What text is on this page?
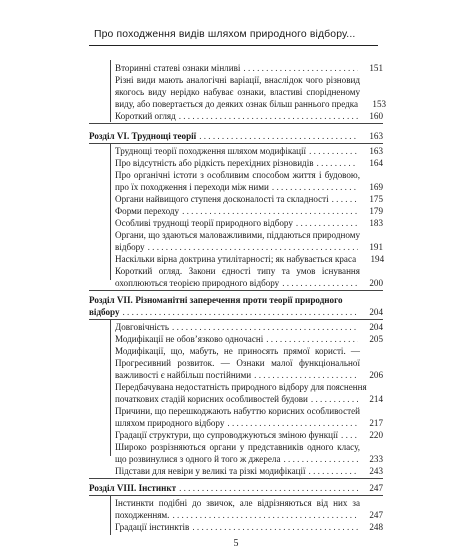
Про походження видів шляхом природного відбору...
Вторинні статеві ознаки мінливі . . .	151
Різні види мають аналогічні варіації, внаслідок чого різновид
якогось виду нерідко набуває ознаки, властиві спорідненому
виду, або повертається до деяких ознак більш раннього предка . . .	153
Короткий огляд . . .	160
Розділ VI. Труднощі теорії . . .	163
Труднощі теорії походження шляхом модифікації . . .	163
Про відсутність або рідкість перехідних різновидів . . .	164
Про органічні істоти з особливим способом життя і будовою,
про їх походження і переходи між ними . . .	169
Органи найвищого ступеня досконалості та складності . . .	175
Форми переходу . . .	179
Особливі труднощі теорії природного відбору . . .	183
Органи, що здаються маловажливими, піддаються природному
відбору . . .	191
Наскільки вірна доктрина утилітарності; як набувається краса . . .	194
Короткий огляд. Закони єдності типу та умов існування
охоплюються теорією природного відбору . . .	200
Розділ VII. Різноманітні заперечення проти теорії природного
відбору . . .	204
Довговічність . . .	204
Модифікації не обов’язково одночасні . . .	205
Модифікації, що, мабуть, не приносять прямої користі. —
Прогресивний розвиток. — Ознаки малої функціональної
важливості є найбільш постійними . . .	206
Передбачувана недостатність природного відбору для пояснення
початкових стадій корисних особливостей будови . . .	214
Причини, що перешкоджають набуттю корисних особливостей
шляхом природного відбору . . .	217
Градації структури, що супроводжуються зміною функції . . .	220
Широко розрізняються органи у представників одного класу,
що розвинулися з одного й того ж джерела . . .	233
Підстави для невіри у великі та різкі модифікації . . .	243
Розділ VIII. Інстинкт . . .	247
Інстинкти подібні до звичок, але відрізняються від них за
походженням. . . .	247
Градації інстинктів . . .	248
5
